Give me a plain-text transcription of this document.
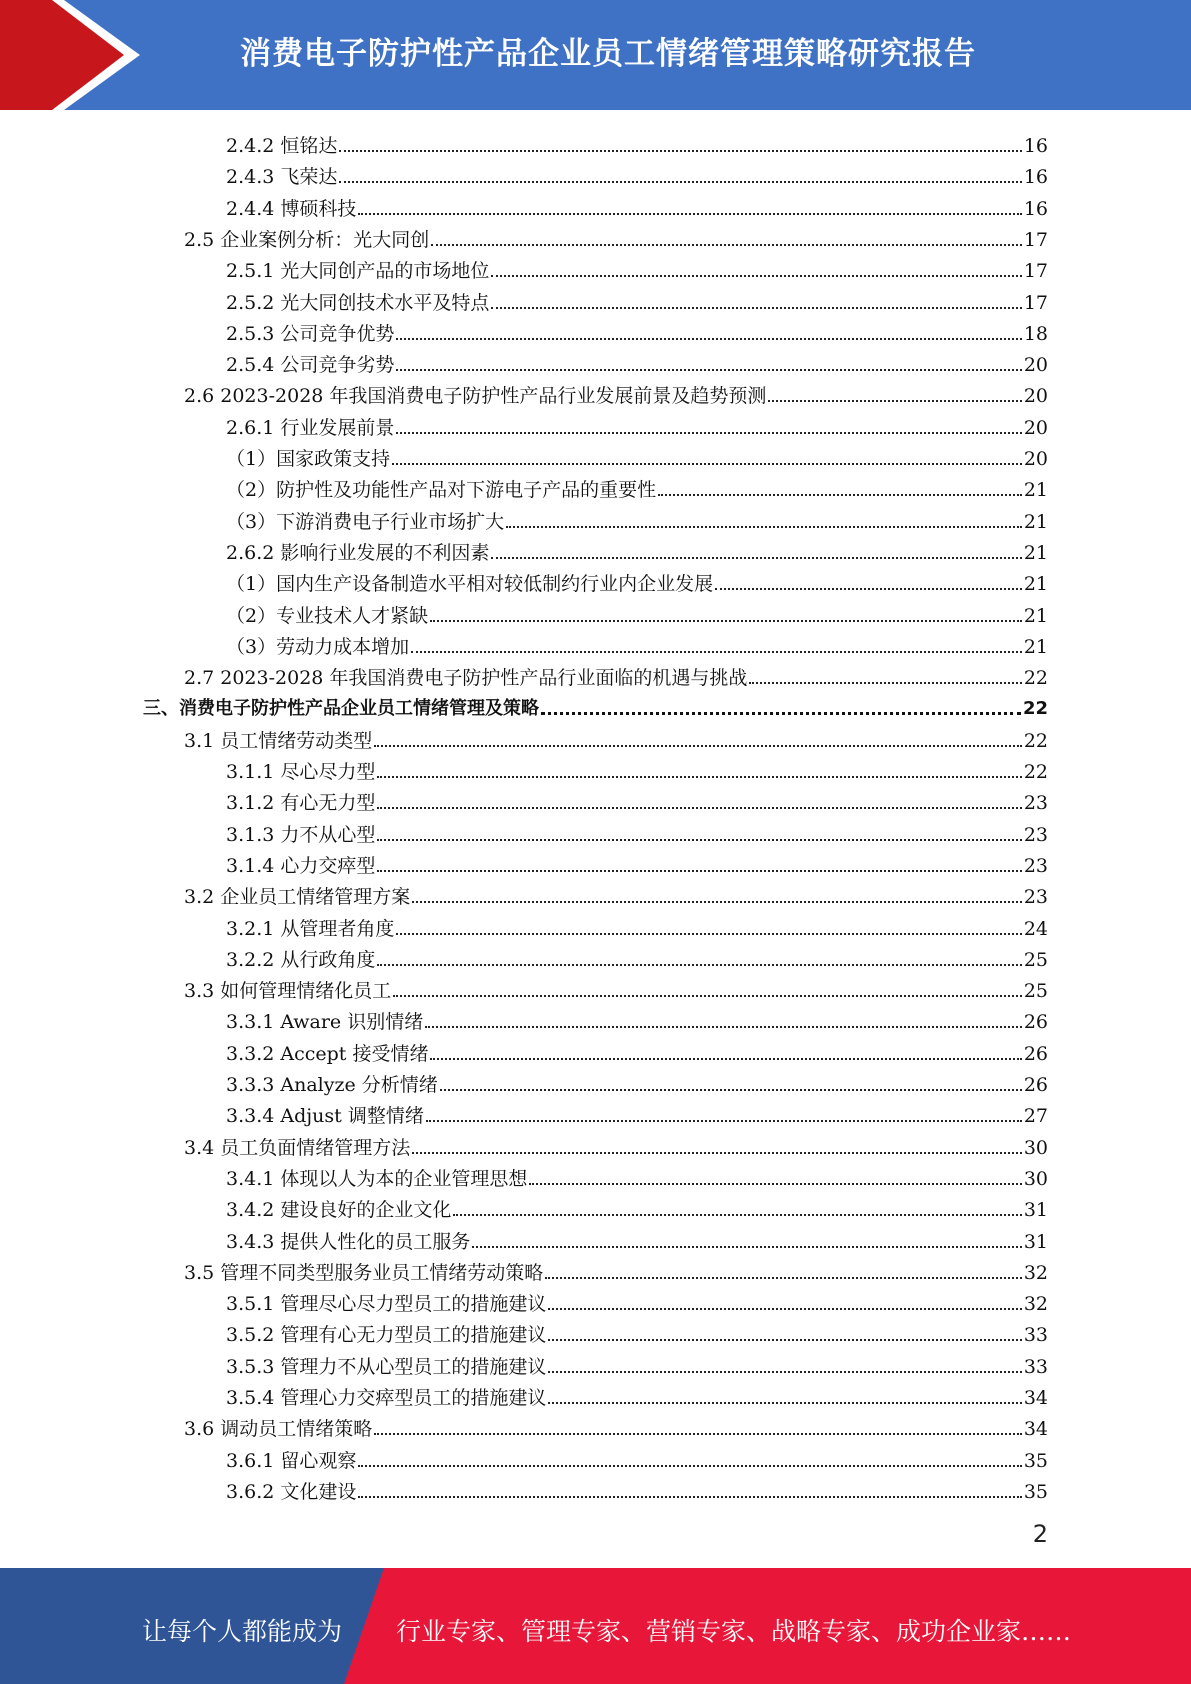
消费电子防护性产品企业员工情绪管理策略研究报告
2.4.2 恒铭达	16
2.4.3 飞荣达	16
2.4.4 博硕科技	16
2.5 企业案例分析：光大同创	17
2.5.1 光大同创产品的市场地位	17
2.5.2 光大同创技术水平及特点	17
2.5.3 公司竞争优势	18
2.5.4 公司竞争劣势	20
2.6 2023-2028 年我国消费电子防护性产品行业发展前景及趋势预测	20
2.6.1 行业发展前景	20
（1）国家政策支持	20
（2）防护性及功能性产品对下游电子产品的重要性	21
（3）下游消费电子行业市场扩大	21
2.6.2 影响行业发展的不利因素	21
（1）国内生产设备制造水平相对较低制约行业内企业发展	21
（2）专业技术人才紧缺	21
（3）劳动力成本增加	21
2.7 2023-2028 年我国消费电子防护性产品行业面临的机遇与挑战	22
三、消费电子防护性产品企业员工情绪管理及策略	22
3.1 员工情绪劳动类型	22
3.1.1 尽心尽力型	22
3.1.2 有心无力型	23
3.1.3 力不从心型	23
3.1.4 心力交瘁型	23
3.2 企业员工情绪管理方案	23
3.2.1 从管理者角度	24
3.2.2 从行政角度	25
3.3 如何管理情绪化员工	25
3.3.1 Aware 识别情绪	26
3.3.2 Accept 接受情绪	26
3.3.3 Analyze 分析情绪	26
3.3.4 Adjust 调整情绪	27
3.4 员工负面情绪管理方法	30
3.4.1 体现以人为本的企业管理思想	30
3.4.2 建设良好的企业文化	31
3.4.3 提供人性化的员工服务	31
3.5 管理不同类型服务业员工情绪劳动策略	32
3.5.1 管理尽心尽力型员工的措施建议	32
3.5.2 管理有心无力型员工的措施建议	33
3.5.3 管理力不从心型员工的措施建议	33
3.5.4 管理心力交瘁型员工的措施建议	34
3.6 调动员工情绪策略	34
3.6.1 留心观察	35
3.6.2 文化建设	35
2
让每个人都能成为 行业专家、管理专家、营销专家、战略专家、成功企业家……
